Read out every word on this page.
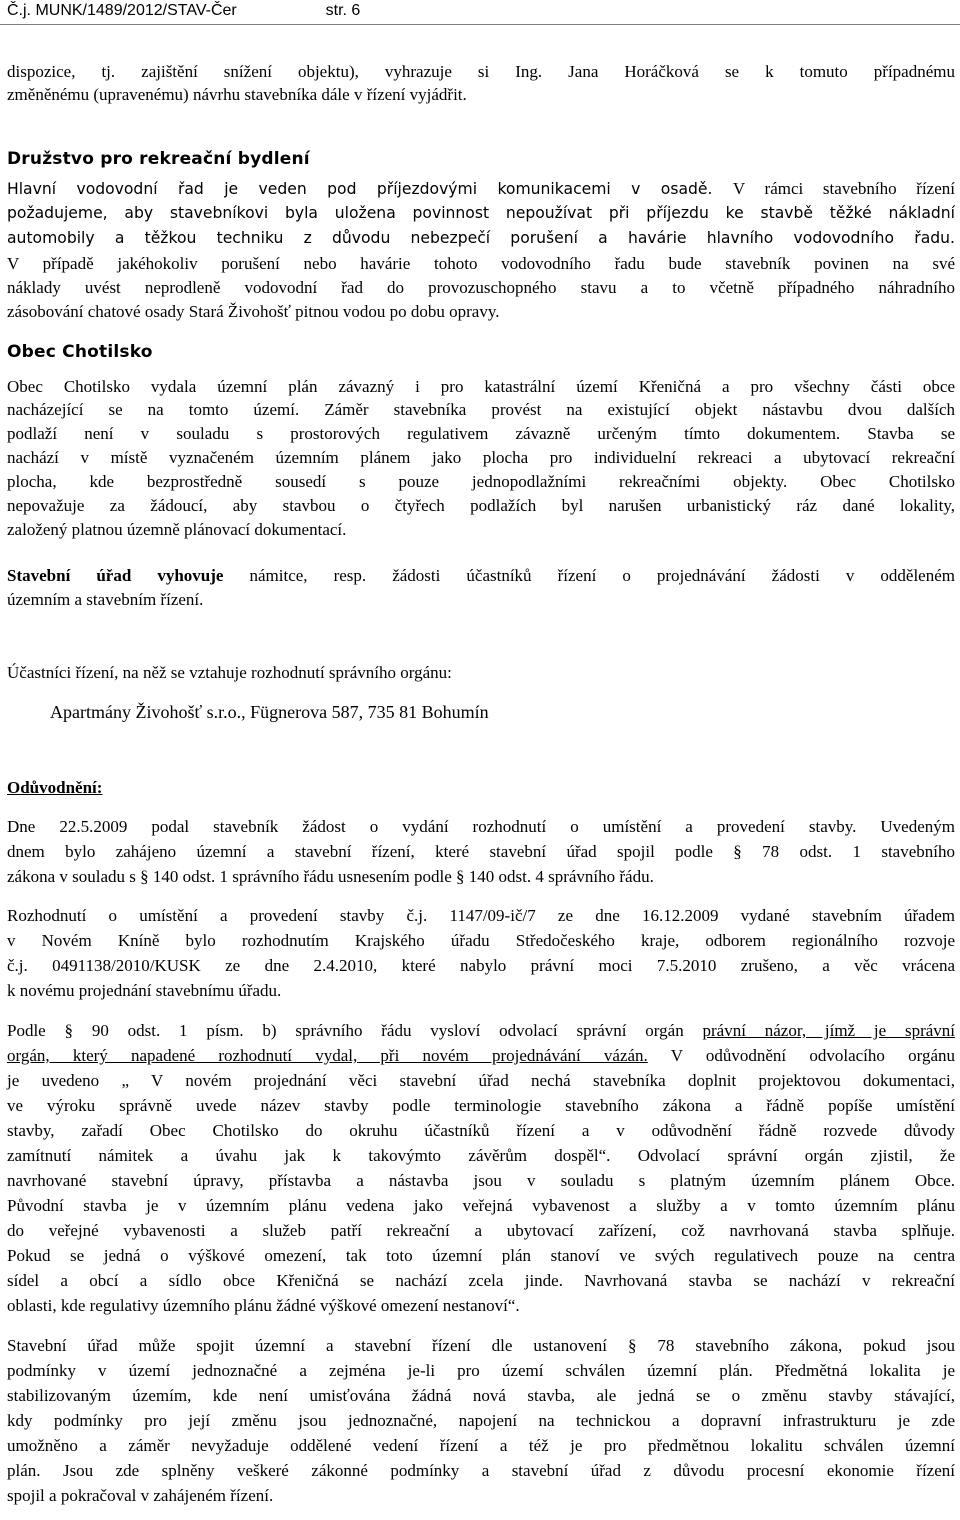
Č.j. MUNK/1489/2012/STAV-Čer	str. 6

dispozice, tj. zajištění snížení objektu), vyhrazuje si Ing. Jana Horáčková se k tomuto případnému

změněnému (upravenému) návrhu stavebníka dále v řízení vyjádřit.

Družstvo pro rekreační bydlení

Hlavní vodovodní řad je veden pod příjezdovými komunikacemi v osadě. V rámci stavebního řízení

požadujeme, aby stavebníkovi byla uložena povinnost nepoužívat při příjezdu ke stavbě těžké nákladní

automobily a těžkou techniku z důvodu nebezpečí porušení a havárie hlavního vodovodního řadu.

V případě jakéhokoliv porušení nebo havárie tohoto vodovodního řadu bude stavebník povinen na své

náklady uvést neprodleně vodovodní řad do provozuschopného stavu a to včetně případného náhradního

zásobování chatové osady Stará Živohošť pitnou vodou po dobu opravy.

Obec Chotilsko

Obec Chotilsko vydala územní plán závazný i pro katastrální území Křeničná a pro všechny části obce

nacházející se na tomto území. Záměr stavebníka provést na existující objekt nástavbu dvou dalších

podlaží není v souladu s prostorových regulativem závazně určeným tímto dokumentem. Stavba se

nachází v místě vyznačeném územním plánem jako plocha pro individuelní rekreaci a ubytovací rekreační

plocha, kde bezprostředně sousedí s pouze jednopodlažními rekreačními objekty. Obec Chotilsko

nepovažuje za žádoucí, aby stavbou o čtyřech podlažích byl narušen urbanistický ráz dané lokality,

založený platnou územně plánovací dokumentací.

Stavební úřad vyhovuje námitce, resp. žádosti účastníků řízení o projednávání žádosti v odděleném

územním a stavebním řízení.

Účastníci řízení, na něž se vztahuje rozhodnutí správního orgánu:

Apartmány Živohošť s.r.o., Fügnerova 587, 735 81 Bohumín

Odůvodnění:

Dne 22.5.2009 podal stavebník žádost o vydání rozhodnutí o umístění a provedení stavby. Uvedeným

dnem bylo zahájeno územní a stavební řízení, které stavební úřad spojil podle § 78 odst. 1 stavebního

zákona v souladu s § 140 odst. 1 správního řádu usnesením podle § 140 odst. 4 správního řádu.

Rozhodnutí o umístění a provedení stavby č.j. 1147/09-ič/7 ze dne 16.12.2009 vydané stavebním úřadem

v Novém Kníně bylo rozhodnutím Krajského úřadu Středočeského kraje, odborem regionálního rozvoje

č.j. 0491138/2010/KUSK ze dne 2.4.2010, které nabylo právní moci 7.5.2010 zrušeno, a věc vrácena

k novému projednání stavebnímu úřadu.

Podle § 90 odst. 1 písm. b) správního řádu vysloví odvolací správní orgán právní názor, jímž je správní

orgán, který napadené rozhodnutí vydal, při novém projednávání vázán. V odůvodnění odvolacího orgánu

je uvedeno „ V novém projednání věci stavební úřad nechá stavebníka doplnit projektovou dokumentaci,

ve výroku správně uvede název stavby podle terminologie stavebního zákona a řádně popíše umístění

stavby, zařadí Obec Chotilsko do okruhu účastníků řízení a v odůvodnění řádně rozvede důvody

zamítnutí námitek a úvahu jak k takovýmto závěrům dospěl“. Odvolací správní orgán zjistil, že

navrhované stavební úpravy, přístavba a nástavba jsou v souladu s platným územním plánem Obce.

Původní stavba je v územním plánu vedena jako veřejná vybavenost a služby a v tomto územním plánu

do veřejné vybavenosti a služeb patří rekreační a ubytovací zařízení, což navrhovaná stavba splňuje.

Pokud se jedná o výškové omezení, tak toto územní plán stanoví ve svých regulativech pouze na centra

sídel a obcí a sídlo obce Křeničná se nachází zcela jinde. Navrhovaná stavba se nachází v rekreační

oblasti, kde regulativy územního plánu žádné výškové omezení nestanoví“.

Stavební úřad může spojit územní a stavební řízení dle ustanovení § 78 stavebního zákona, pokud jsou

podmínky v území jednoznačné a zejména je-li pro území schválen územní plán. Předmětná lokalita je

stabilizovaným územím, kde není umisťována žádná nová stavba, ale jedná se o změnu stavby stávající,

kdy podmínky pro její změnu jsou jednoznačné, napojení na technickou a dopravní infrastrukturu je zde

umožněno a záměr nevyžaduje oddělené vedení řízení a též je pro předmětnou lokalitu schválen územní

plán. Jsou zde splněny veškeré zákonné podmínky a stavební úřad z důvodu procesní ekonomie řízení

spojil a pokračoval v zahájeném řízení.
